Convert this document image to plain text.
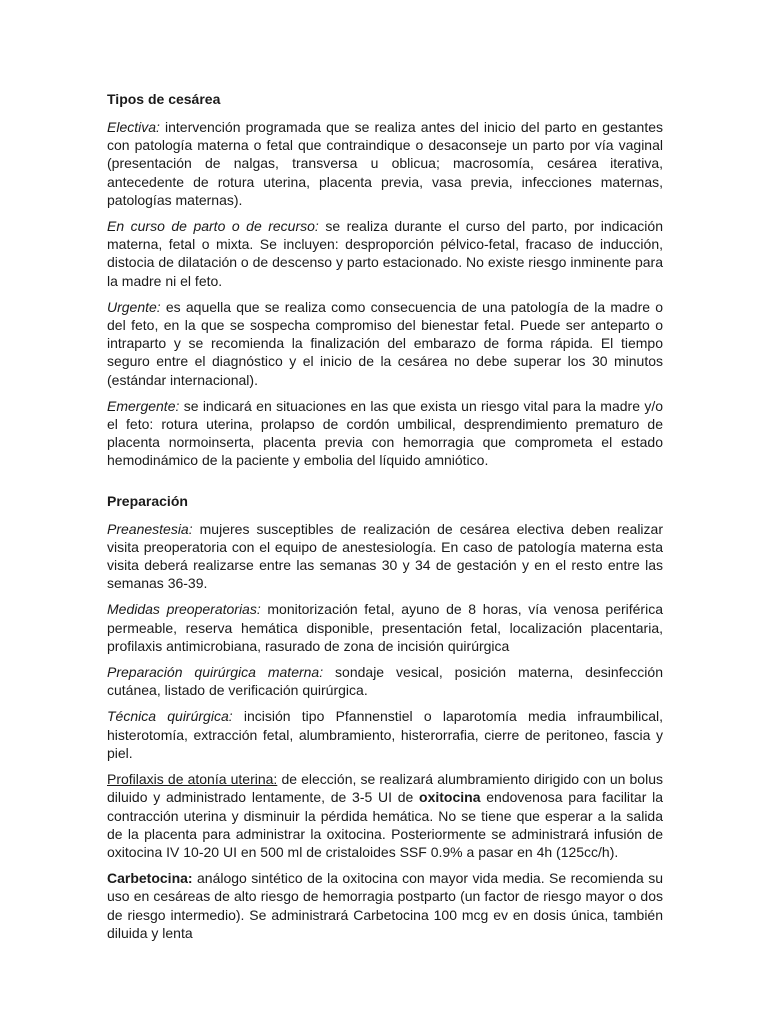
Tipos de cesárea

Electiva: intervención programada que se realiza antes del inicio del parto en gestantes con patología materna o fetal que contraindique o desaconseje un parto por vía vaginal (presentación de nalgas, transversa u oblicua; macrosomía, cesárea iterativa, antecedente de rotura uterina, placenta previa, vasa previa, infecciones maternas, patologías maternas).

En curso de parto o de recurso: se realiza durante el curso del parto, por indicación materna, fetal o mixta. Se incluyen: desproporción pélvico-fetal, fracaso de inducción, distocia de dilatación o de descenso y parto estacionado. No existe riesgo inminente para la madre ni el feto.

Urgente: es aquella que se realiza como consecuencia de una patología de la madre o del feto, en la que se sospecha compromiso del bienestar fetal. Puede ser anteparto o intraparto y se recomienda la finalización del embarazo de forma rápida. El tiempo seguro entre el diagnóstico y el inicio de la cesárea no debe superar los 30 minutos (estándar internacional).

Emergente: se indicará en situaciones en las que exista un riesgo vital para la madre y/o el feto: rotura uterina, prolapso de cordón umbilical, desprendimiento prematuro de placenta normoinserta, placenta previa con hemorragia que comprometa el estado hemodinámico de la paciente y embolia del líquido amniótico.

Preparación

Preanestesia: mujeres susceptibles de realización de cesárea electiva deben realizar visita preoperatoria con el equipo de anestesiología. En caso de patología materna esta visita deberá realizarse entre las semanas 30 y 34 de gestación y en el resto entre las semanas 36-39.

Medidas preoperatorias: monitorización fetal, ayuno de 8 horas, vía venosa periférica permeable, reserva hemática disponible, presentación fetal, localización placentaria, profilaxis antimicrobiana, rasurado de zona de incisión quirúrgica

Preparación quirúrgica materna: sondaje vesical, posición materna, desinfección cutánea, listado de verificación quirúrgica.

Técnica quirúrgica: incisión tipo Pfannenstiel o laparotomía media infraumbilical, histerotomía, extracción fetal, alumbramiento, histerorrafia, cierre de peritoneo, fascia y piel.

Profilaxis de atonía uterina: de elección, se realizará alumbramiento dirigido con un bolus diluido y administrado lentamente, de 3-5 UI de oxitocina endovenosa para facilitar la contracción uterina y disminuir la pérdida hemática. No se tiene que esperar a la salida de la placenta para administrar la oxitocina. Posteriormente se administrará infusión de oxitocina IV 10-20 UI en 500 ml de cristaloides SSF 0.9% a pasar en 4h (125cc/h).

Carbetocina: análogo sintético de la oxitocina con mayor vida media. Se recomienda su uso en cesáreas de alto riesgo de hemorragia postparto (un factor de riesgo mayor o dos de riesgo intermedio). Se administrará Carbetocina 100 mcg ev en dosis única, también diluida y lenta
